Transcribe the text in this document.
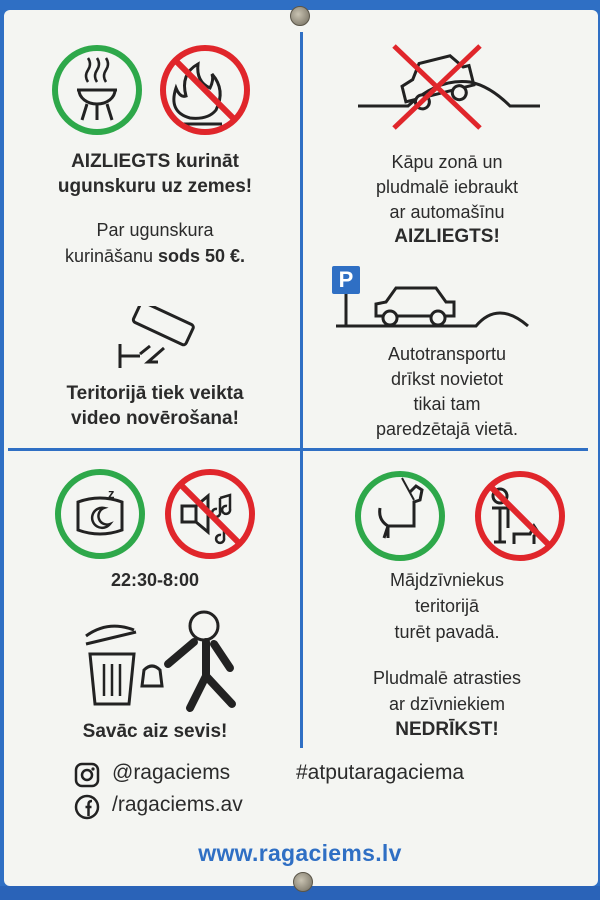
AIZLIEGTS kurināt

ugunskuru uz zemes!

Par ugunskura

kurināšanu sods 50 €.

Teritorijā tiek veikta

video novērošana!

Kāpu zonā un

pludmalē iebraukt

ar automašīnu

AIZLIEGTS!

P

Autotransportu

drīkst novietot

tikai tam

paredzētajā vietā.

z

22:30-8:00

Savāc aiz sevis!

Mājdzīvniekus

teritorijā

turēt pavadā.

Pludmalē atrasties

ar dzīvniekiem

NEDRĪKST!

@ragaciems	#atputaragaciema
/ragaciems.av
www.ragaciems.lv
